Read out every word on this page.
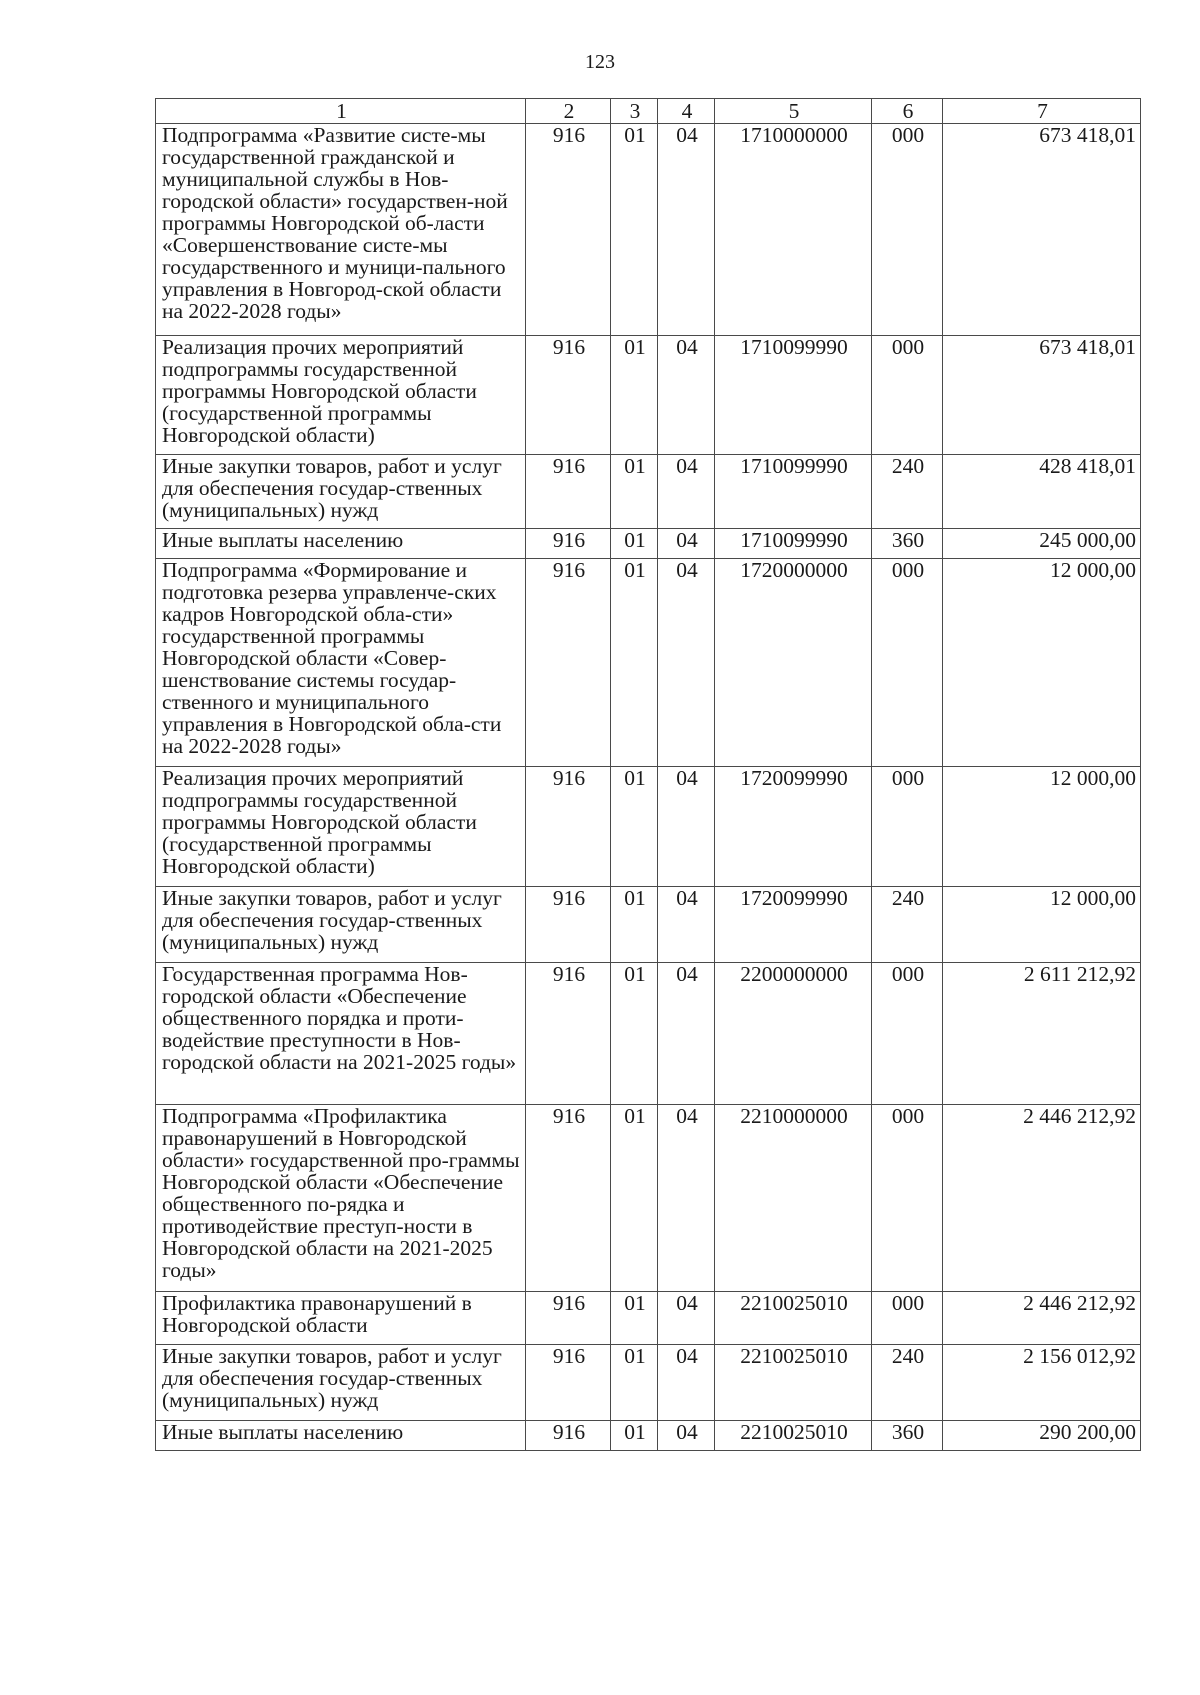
123
1	2	3	4	5	6	7
Подпрограмма «Развитие систе-мы государственной гражданской и муниципальной службы в Нов-городской области» государствен-ной программы Новгородской об-ласти «Совершенствование систе-мы государственного и муници-пального управления в Новгород-ской области на 2022-2028 годы»	916	01	04	1710000000	000	673 418,01
Реализация прочих мероприятий подпрограммы государственной программы Новгородской области (государственной программы Новгородской области)	916	01	04	1710099990	000	673 418,01
Иные закупки товаров, работ и услуг для обеспечения государ-ственных (муниципальных) нужд	916	01	04	1710099990	240	428 418,01
Иные выплаты населению	916	01	04	1710099990	360	245 000,00
Подпрограмма «Формирование и подготовка резерва управленче-ских кадров Новгородской обла-сти» государственной программы Новгородской области «Совер-шенствование системы государ-ственного и муниципального управления в Новгородской обла-сти на 2022-2028 годы»	916	01	04	1720000000	000	12 000,00
Реализация прочих мероприятий подпрограммы государственной программы Новгородской области (государственной программы Новгородской области)	916	01	04	1720099990	000	12 000,00
Иные закупки товаров, работ и услуг для обеспечения государ-ственных (муниципальных) нужд	916	01	04	1720099990	240	12 000,00
Государственная программа Нов-городской области «Обеспечение общественного порядка и проти-водействие преступности в Нов-городской области на 2021-2025 годы»	916	01	04	2200000000	000	2 611 212,92
Подпрограмма «Профилактика правонарушений в Новгородской области» государственной про-граммы Новгородской области «Обеспечение общественного по-рядка и противодействие преступ-ности в Новгородской области на 2021-2025 годы»	916	01	04	2210000000	000	2 446 212,92
Профилактика правонарушений в Новгородской области	916	01	04	2210025010	000	2 446 212,92
Иные закупки товаров, работ и услуг для обеспечения государ-ственных (муниципальных) нужд	916	01	04	2210025010	240	2 156 012,92
Иные выплаты населению	916	01	04	2210025010	360	290 200,00
